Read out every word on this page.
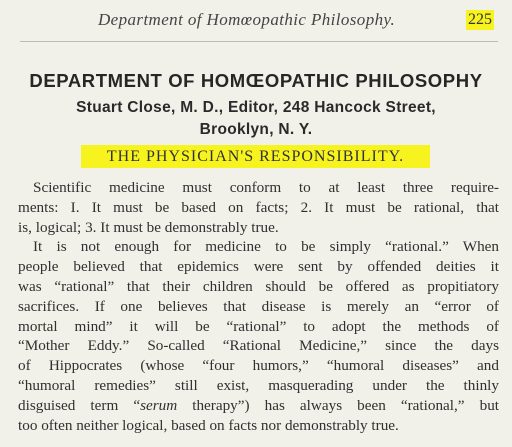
Department of Homœopathic Philosophy.	225
DEPARTMENT OF HOMŒOPATHIC PHILOSOPHY
Stuart Close, M. D., Editor, 248 Hancock Street,
Brooklyn, N. Y.
THE PHYSICIAN'S RESPONSIBILITY.
Scientific medicine must conform to at least three require-
ments: I. It must be based on facts; 2. It must be rational, that
is, logical; 3. It must be demonstrably true.
It is not enough for medicine to be simply “rational.” When
people believed that epidemics were sent by offended deities it
was “rational” that their children should be offered as propitiatory
sacrifices. If one believes that disease is merely an “error of
mortal mind” it will be “rational” to adopt the methods of
“Mother Eddy.” So-called “Rational Medicine,” since the days
of Hippocrates (whose “four humors,” “humoral diseases” and
“humoral remedies” still exist, masquerading under the thinly
disguised term “serum therapy”) has always been “rational,” but
too often neither logical, based on facts nor demonstrably true.
